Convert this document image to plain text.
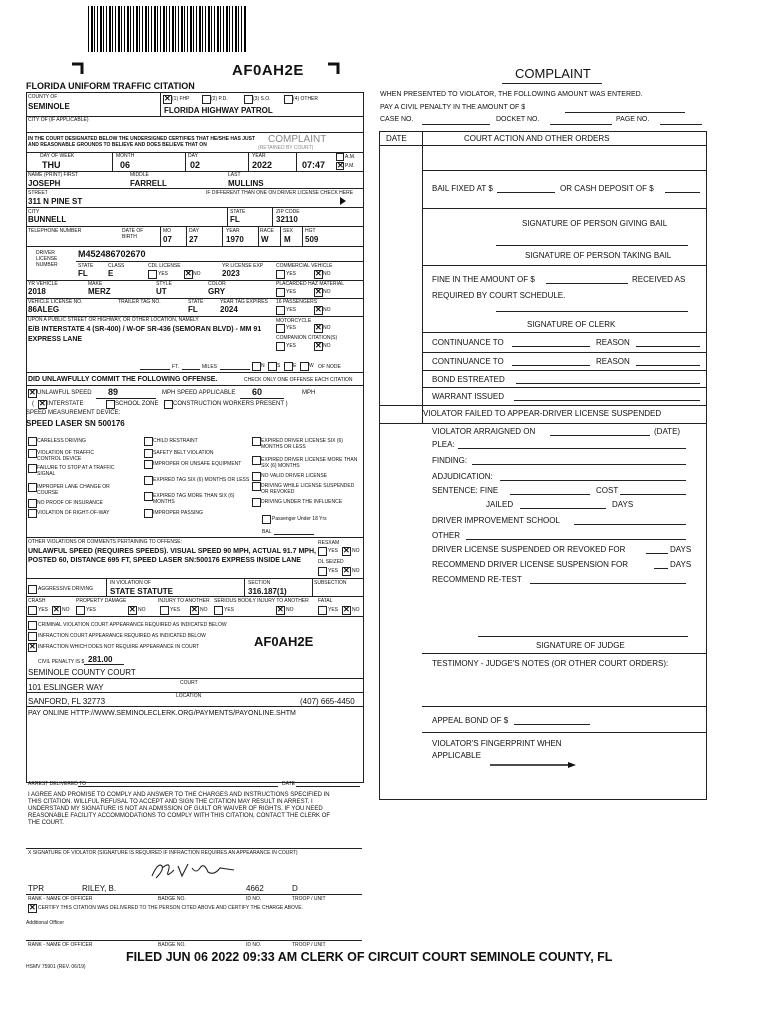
AF0AH2E
FLORIDA UNIFORM TRAFFIC CITATION
COMPLAINT
COUNTY OF
SEMINOLE
✕
(1) FHP	(2) P.D.	(3) S.O.	(4) OTHER
FLORIDA HIGHWAY PATROL
CITY OF (IF APPLICABLE)
IN THE COURT DESIGNATED BELOW THE UNDERSIGNED CERTIFIES THAT HE/SHE HAS JUST AND REASONABLE GROUNDS TO BELIEVE AND DOES BELIEVE THAT ON	COMPLAINT
(RETAINED BY COURT)
DAY OF WEEK
THU
MONTH
06
DAY
02
YEAR
2022	07:47
A.M.
✕
P.M.
NAME (PRINT) FIRST
JOSEPH
MIDDLE
FARRELL
LAST
MULLINS
STREET
311 N PINE ST
IF DIFFERENT THAN ONE ON DRIVER LICENSE CHECK HERE
CITY
BUNNELL
STATE
FL
ZIP CODE
32110
TELEPHONE NUMBER	DATE OF BIRTH
MO
07
DAY
27
YEAR
1970
RACE
W
SEX
M
HGT
509
DRIVER LICENSE NUMBER
M452486702670
STATE
FL
CLASS
E
CDL LICENSE
YES ✕	NO
YR LICENSE EXP
2023
COMMERCIAL VEHICLE
YES ✕	NO
YR VEHICLE
2018
MAKE
MERZ
STYLE
UT
COLOR
GRY
PLACARDED HAZ MATERIAL
YES ✕	NO
VEHICLE LICENSE NO.
86ALEG
TRAILER TAG NO.	STATE
FL
YEAR TAG EXPIRES
2024
16 PASSENGERS
YES ✕	NO
UPON A PUBLIC STREET OR HIGHWAY, OR OTHER LOCATION, NAMELY
E/B INTERSTATE 4 (SR-400) / W-OF SR-436 (SEMORAN BLVD) - MM 91 EXPRESS LANE
MOTORCYCLE
YES ✕	NO
COMPANION CITATION(S)
YES ✕	NO
FT.	MILES	N S	E	W OF NODE
DID UNLAWFULLY COMMIT THE FOLLOWING OFFENSE.	CHECK ONLY ONE OFFENSE EACH CITATION
✕
UNLAWFUL SPEED 89	MPH SPEED APPLICABLE 60	MPH
( ✕ INTERSTATE	SCHOOL ZONE CONSTRUCTION WORKERS PRESENT )
SPEED MEASUREMENT DEVICE:
SPEED LASER SN 500176
Passenger Under 18 Yrs
BAL
OTHER VIOLATIONS OR COMMENTS PERTAINING TO OFFENSE:
UNLAWFUL SPEED (REQUIRES SPEEDS). VISUAL SPEED 90 MPH, ACTUAL 91.7 MPH, POSTED 60, DISTANCE 695 FT, SPEED LASER SN:500176 EXPRESS INSIDE LANE
RESXAM
YES ✕	NO
DL SEIZED
YES ✕	NO
AGGRESSIVE DRIVING
IN VIOLATION OF
STATE STATUTE
SECTION
316.187(1)
SUBSECTION
CRASH
YES ✕	NO
PROPERTY DAMAGE
YES ✕	NO
INJURY TO ANOTHER
YES ✕	NO
SERIOUS BODILY INJURY TO ANOTHER
YES ✕	NO
FATAL
YES ✕	NO
CRIMINAL VIOLATION COURT APPEARANCE REQUIRED AS INDICATED BELOW
INFRACTION COURT APPEARANCE REQUIRED AS INDICATED BELOW
✕
INFRACTION WHICH DOES NOT REQUIRE APPEARANCE IN COURT	AF0AH2E
CIVIL PENALTY IS $ 281.00
SEMINOLE COUNTY COURT
COURT
101 ESLINGER WAY
LOCATION
SANFORD, FL 32773	(407) 665-4450
PAY ONLINE HTTP://WWW.SEMINOLECLERK.ORG/PAYMENTS/PAYONLINE.SHTM
ARREST DELIVERED TO	DATE
I AGREE AND PROMISE TO COMPLY AND ANSWER TO THE CHARGES AND INSTRUCTIONS SPECIFIED IN THIS CITATION. WILLFUL REFUSAL TO ACCEPT AND SIGN THE CITATION MAY RESULT IN ARREST. I UNDERSTAND MY SIGNATURE IS NOT AN ADMISSION OF GUILT OR WAIVER OF RIGHTS. IF YOU NEED REASONABLE FACILITY ACCOMMODATIONS TO COMPLY WITH THIS CITATION, CONTACT THE CLERK OF THE COURT.
X SIGNATURE OF VIOLATOR (SIGNATURE IS REQUIRED IF INFRACTION REQUIRES AN APPEARANCE IN COURT)
TPR	RILEY, B.	4662	D
RANK - NAME OF OFFICER	BADGE NO.	ID NO.	TROOP / UNIT
✕
CERTIFY THIS CITATION WAS DELIVERED TO THE PERSON CITED ABOVE AND CERTIFY THE CHARGE ABOVE.
Additional Officer
RANK - NAME OF OFFICER	BADGE NO.	ID NO.	TROOP / UNIT
HSMV 75901 (REV. 06/19)
FILED JUN 06 2022 09:33 AM CLERK OF CIRCUIT COURT SEMINOLE COUNTY, FL
WHEN PRESENTED TO VIOLATOR, THE FOLLOWING AMOUNT WAS ENTERED.
PAY A CIVIL PENALTY IN THE AMOUNT OF $
CASE NO.	DOCKET NO.	PAGE NO.
DATE	COURT ACTION AND OTHER ORDERS
CARELESS DRIVING
VIOLATION OF TRAFFIC CONTROL DEVICE
FAILURE TO STOP AT A TRAFFIC SIGNAL
IMPROPER LANE CHANGE OR COURSE
NO PROOF OF INSURANCE
VIOLATION OF RIGHT-OF-WAY
CHILD RESTRAINT
SAFETY BELT VIOLATION
IMPROPER OR UNSAFE EQUIPMENT
EXPIRED TAG SIX (6) MONTHS OR LESS
EXPIRED TAG MORE THAN SIX (6) MONTHS
IMPROPER PASSING
EXPIRED DRIVER LICENSE SIX (6) MONTHS OR LESS
EXPIRED DRIVER LICENSE MORE THAN SIX (6) MONTHS
NO VALID DRIVER LICENSE
DRIVING WHILE LICENSE SUSPENDED OR REVOKED
DRIVING UNDER THE INFLUENCE
BAIL FIXED AT $	OR CASH DEPOSIT OF $
SIGNATURE OF PERSON GIVING BAIL
SIGNATURE OF PERSON TAKING BAIL
FINE IN THE AMOUNT OF $	RECEIVED AS
REQUIRED BY COURT SCHEDULE.
SIGNATURE OF CLERK
CONTINUANCE TO	REASON
CONTINUANCE TO	REASON
BOND ESTREATED
WARRANT ISSUED
VIOLATOR FAILED TO APPEAR-DRIVER LICENSE SUSPENDED
VIOLATOR ARRAIGNED ON	(DATE)
PLEA:
FINDING:
ADJUDICATION:
SENTENCE: FINE	COST
JAILED	DAYS
DRIVER IMPROVEMENT SCHOOL
OTHER
DRIVER LICENSE SUSPENDED OR REVOKED FOR	DAYS
RECOMMEND DRIVER LICENSE SUSPENSION FOR	DAYS
RECOMMEND RE-TEST
SIGNATURE OF JUDGE
TESTIMONY - JUDGE'S NOTES (OR OTHER COURT ORDERS):
APPEAL BOND OF $
VIOLATOR'S FINGERPRINT WHEN APPLICABLE
